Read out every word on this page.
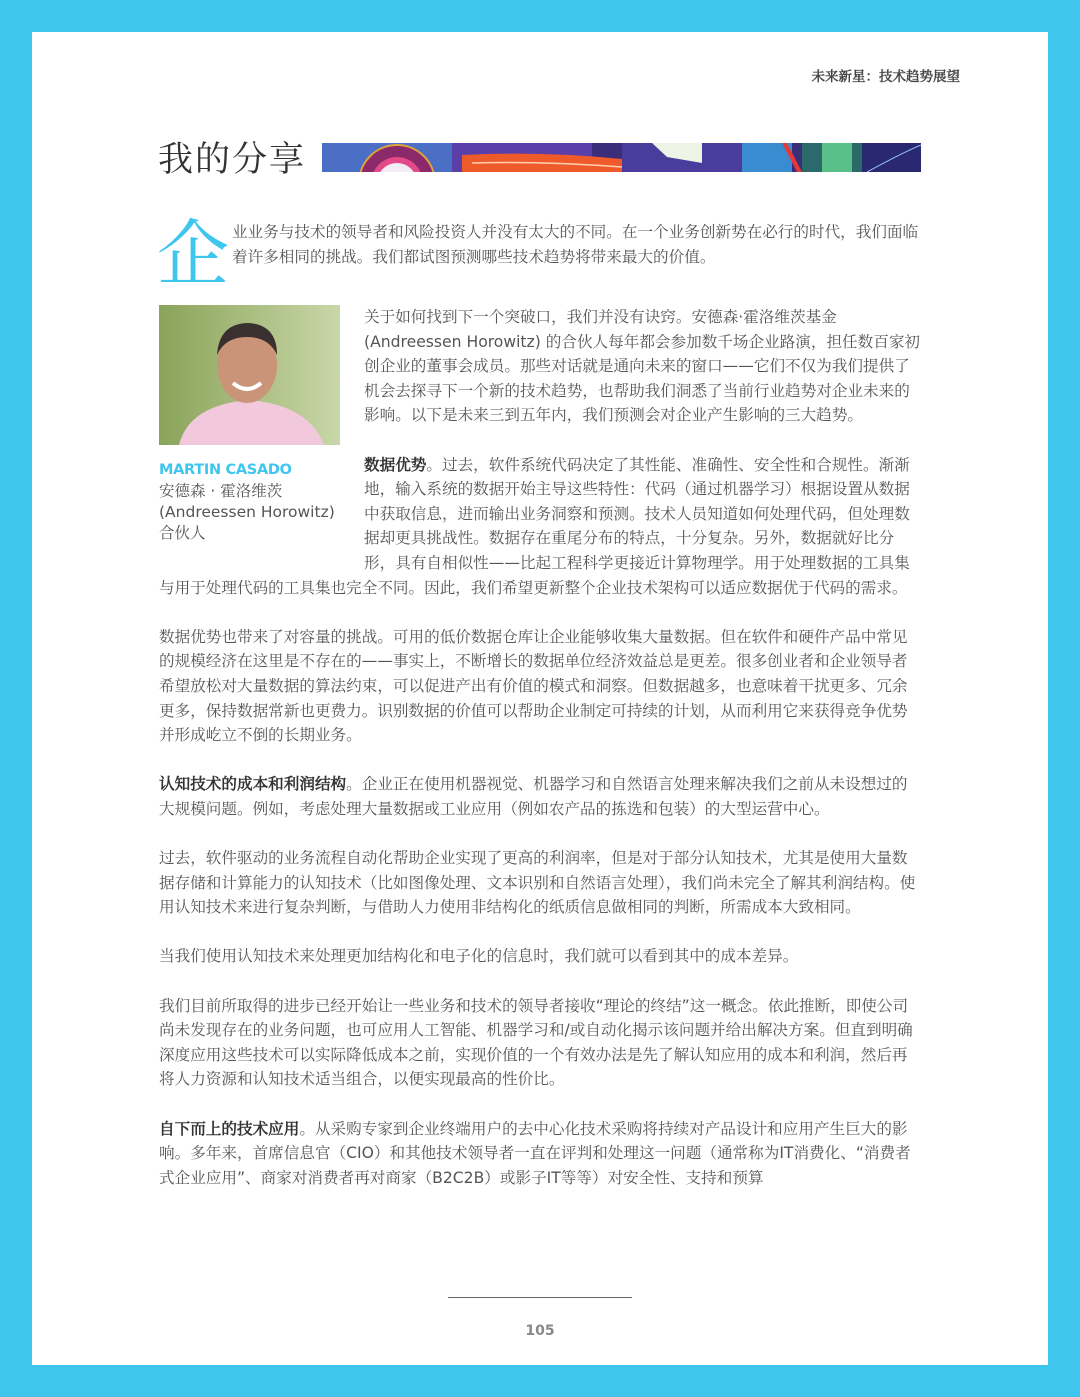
未来新星：技术趋势展望
我的分享
企 业业务与技术的领导者和风险投资人并没有太大的不同。在一个业务创新势在必行的时代，我们面临着许多相同的挑战。我们都试图预测哪些技术趋势将带来最大的价值。
MARTIN CASADO
安德森 · 霍洛维茨
(Andreessen Horowitz)
合伙人

关于如何找到下一个突破口，我们并没有诀窍。安德森·霍洛维茨基金(Andreessen Horowitz) 的合伙人每年都会参加数千场企业路演，担任数百家初创企业的董事会成员。那些对话就是通向未来的窗口——它们不仅为我们提供了机会去探寻下一个新的技术趋势，也帮助我们洞悉了当前行业趋势对企业未来的影响。以下是未来三到五年内，我们预测会对企业产生影响的三大趋势。

数据优势。过去，软件系统代码决定了其性能、准确性、安全性和合规性。渐渐地，输入系统的数据开始主导这些特性：代码（通过机器学习）根据设置从数据中获取信息，进而输出业务洞察和预测。技术人员知道如何处理代码，但处理数据却更具挑战性。数据存在重尾分布的特点，十分复杂。另外，数据就好比分形，具有自相似性——比起工程科学更接近计算物理学。用于处理数据的工具集与用于处理代码的工具集也完全不同。因此，我们希望更新整个企业技术架构可以适应数据优于代码的需求。

数据优势也带来了对容量的挑战。可用的低价数据仓库让企业能够收集大量数据。但在软件和硬件产品中常见的规模经济在这里是不存在的——事实上，不断增长的数据单位经济效益总是更差。很多创业者和企业领导者希望放松对大量数据的算法约束，可以促进产出有价值的模式和洞察。但数据越多，也意味着干扰更多、冗余更多，保持数据常新也更费力。识别数据的价值可以帮助企业制定可持续的计划，从而利用它来获得竞争优势并形成屹立不倒的长期业务。

认知技术的成本和利润结构。企业正在使用机器视觉、机器学习和自然语言处理来解决我们之前从未设想过的大规模问题。例如，考虑处理大量数据或工业应用（例如农产品的拣选和包装）的大型运营中心。

过去，软件驱动的业务流程自动化帮助企业实现了更高的利润率，但是对于部分认知技术，尤其是使用大量数据存储和计算能力的认知技术（比如图像处理、文本识别和自然语言处理），我们尚未完全了解其利润结构。使用认知技术来进行复杂判断，与借助人力使用非结构化的纸质信息做相同的判断，所需成本大致相同。

当我们使用认知技术来处理更加结构化和电子化的信息时，我们就可以看到其中的成本差异。

我们目前所取得的进步已经开始让一些业务和技术的领导者接收“理论的终结”这一概念。依此推断，即使公司尚未发现存在的业务问题，也可应用人工智能、机器学习和/或自动化揭示该问题并给出解决方案。但直到明确深度应用这些技术可以实际降低成本之前，实现价值的一个有效办法是先了解认知应用的成本和利润，然后再将人力资源和认知技术适当组合，以便实现最高的性价比。

自下而上的技术应用。从采购专家到企业终端用户的去中心化技术采购将持续对产品设计和应用产生巨大的影响。多年来，首席信息官（CIO）和其他技术领导者一直在评判和处理这一问题（通常称为IT消费化、“消费者式企业应用”、商家对消费者再对商家（B2C2B）或影子IT等等）对安全性、支持和预算

105
